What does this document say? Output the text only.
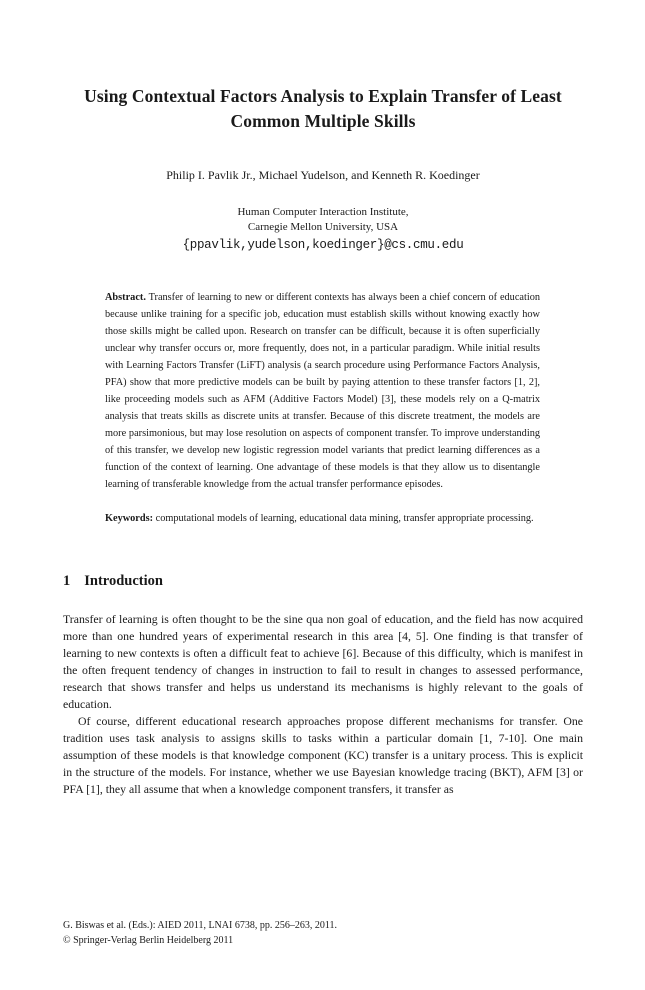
Using Contextual Factors Analysis to Explain Transfer of Least Common Multiple Skills
Philip I. Pavlik Jr., Michael Yudelson, and Kenneth R. Koedinger
Human Computer Interaction Institute,
Carnegie Mellon University, USA
{ppavlik,yudelson,koedinger}@cs.cmu.edu

Abstract. Transfer of learning to new or different contexts has always been a chief concern of education because unlike training for a specific job, education must establish skills without knowing exactly how those skills might be called upon. Research on transfer can be difficult, because it is often superficially unclear why transfer occurs or, more frequently, does not, in a particular paradigm. While initial results with Learning Factors Transfer (LiFT) analysis (a search procedure using Performance Factors Analysis, PFA) show that more predictive models can be built by paying attention to these transfer factors [1, 2], like proceeding models such as AFM (Additive Factors Model) [3], these models rely on a Q-matrix analysis that treats skills as discrete units at transfer. Because of this discrete treatment, the models are more parsimonious, but may lose resolution on aspects of component transfer. To improve understanding of this transfer, we develop new logistic regression model variants that predict learning differences as a function of the context of learning. One advantage of these models is that they allow us to disentangle learning of transferable knowledge from the actual transfer performance episodes.

Keywords: computational models of learning, educational data mining, transfer appropriate processing.

1 Introduction

Transfer of learning is often thought to be the sine qua non goal of education, and the field has now acquired more than one hundred years of experimental research in this area [4, 5]. One finding is that transfer of learning to new contexts is often a difficult feat to achieve [6]. Because of this difficulty, which is manifest in the often frequent tendency of changes in instruction to fail to result in changes to assessed performance, research that shows transfer and helps us understand its mechanisms is highly relevant to the goals of education.

Of course, different educational research approaches propose different mechanisms for transfer. One tradition uses task analysis to assigns skills to tasks within a particular domain [1, 7-10]. One main assumption of these models is that knowledge component (KC) transfer is a unitary process. This is explicit in the structure of the models. For instance, whether we use Bayesian knowledge tracing (BKT), AFM [3] or PFA [1], they all assume that when a knowledge component transfers, it transfer as

G. Biswas et al. (Eds.): AIED 2011, LNAI 6738, pp. 256–263, 2011.
© Springer-Verlag Berlin Heidelberg 2011
